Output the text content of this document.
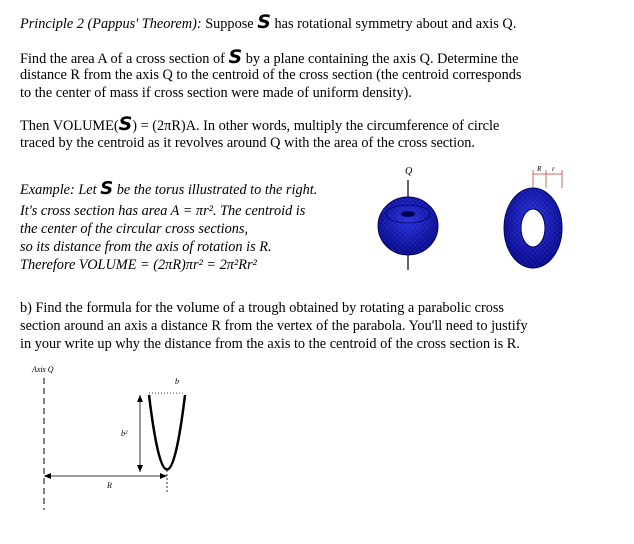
Principle 2 (Pappus' Theorem): Suppose S has rotational symmetry about and axis Q.
Find the area A of a cross section of S by a plane containing the axis Q. Determine the
distance R from the axis Q to the centroid of the cross section (the centroid corresponds
to the center of mass if cross section were made of uniform density).
Then VOLUME(S) = (2πR)A. In other words, multiply the circumference of circle
traced by the centroid as it revolves around Q with the area of the cross section.
Example: Let S be the torus illustrated to the right.
It's cross section has area A = πr². The centroid is
the center of the circular cross sections,
so its distance from the axis of rotation is R.
Therefore VOLUME = (2πR)πr² = 2π²Rr²
Q	R r
b) Find the formula for the volume of a trough obtained by rotating a parabolic cross
section around an axis a distance R from the vertex of the parabola. You'll need to justify
in your write up why the distance from the axis to the centroid of the cross section is R.
Axis Q
b
b²
R
